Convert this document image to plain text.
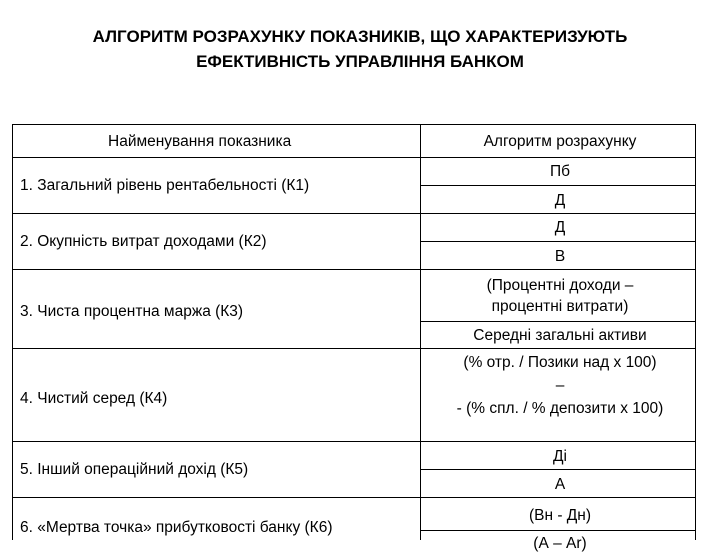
АЛГОРИТМ РОЗРАХУНКУ ПОКАЗНИКІВ, ЩО ХАРАКТЕРИЗУЮТЬ
ЕФЕКТИВНІСТЬ УПРАВЛІННЯ БАНКОМ
Найменування показника	Алгоритм розрахунку
1. Загальний рівень рентабельності (К1)
Пб
Д
2. Окупність витрат доходами (К2)
Д
В
3. Чиста процентна маржа (К3)
(Процентні доходи – процентні витрати)
Середні загальні активи
4. Чистий серед (К4)
(% отр. / Позики над х 100)
–
- (% спл. / % депозити х 100)
5. Інший операційний дохід (К5)
Ді
А
6. «Мертва точка» прибутковості банку (К6)
(Вн - Дн)
(А – Аr)
